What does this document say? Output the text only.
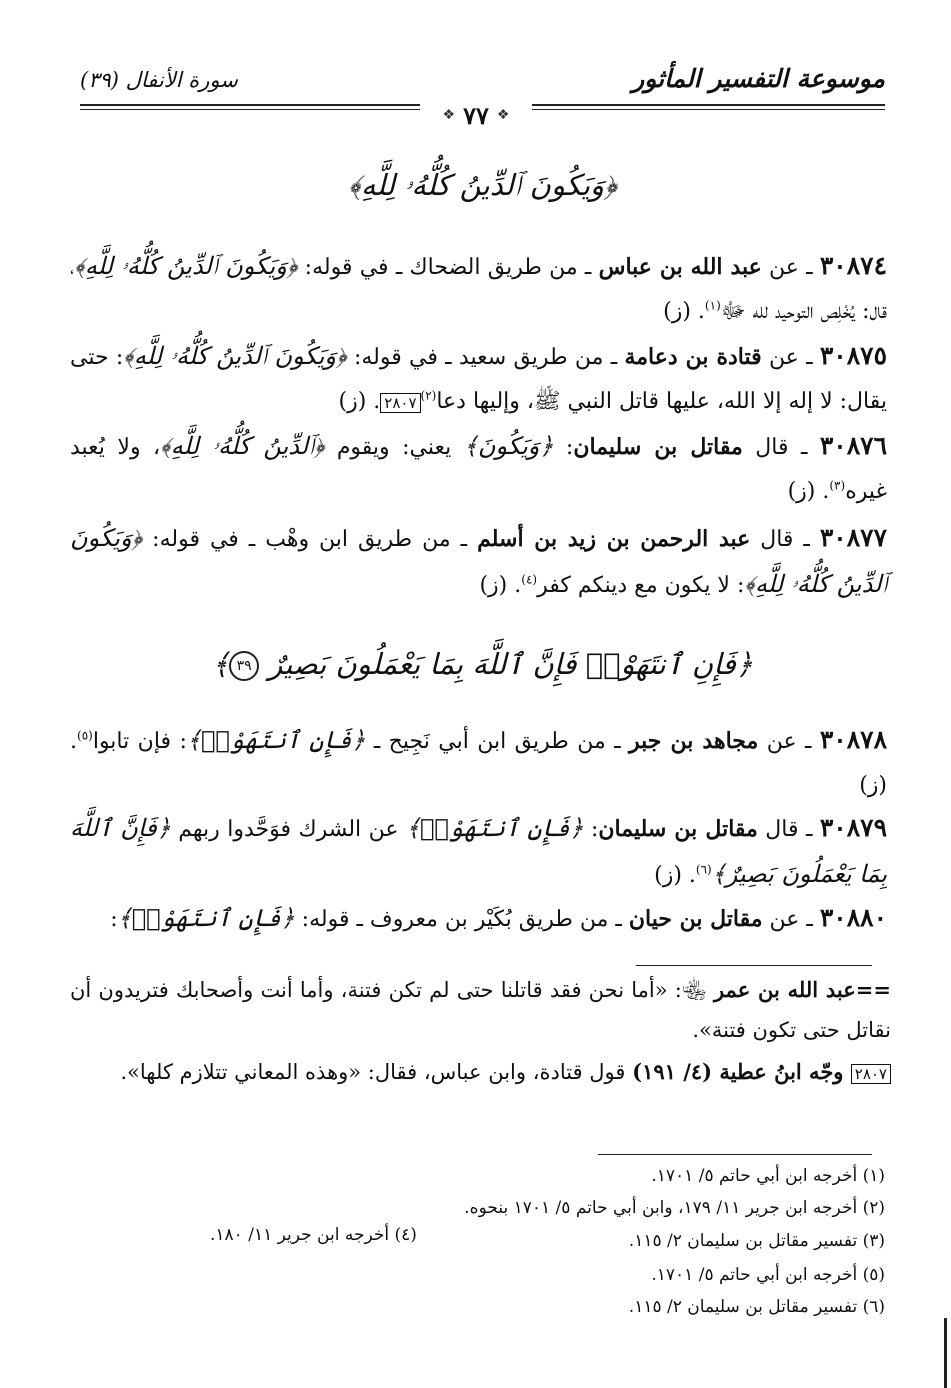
موسوعة التفسير المأثور
سورة الأنفال (٣٩)
❖
٧٧
❖
﴿وَيَكُونَ ٱلدِّينُ كُلُّهُۥ لِلَّهِ﴾
٣٠٨٧٤ ـ عن عبد الله بن عباس ـ من طريق الضحاك ـ في قوله: ﴿وَيَكُونَ ٱلدِّينُ كُلُّهُۥ لِلَّهِ﴾، قال: يُخْلِص التوحيد لله ﷻ$^{(١)}$. (ز)
٣٠٨٧٥ ـ عن قتادة بن دعامة ـ من طريق سعيد ـ في قوله: ﴿وَيَكُونَ ٱلدِّينُ كُلُّهُۥ لِلَّهِ﴾: حتى يقال: لا إله إلا الله، عليها قاتل النبي ﷺ، وإليها دعا$^{(٢)}$٢٨٠٧. (ز)
٣٠٨٧٦ ـ قال مقاتل بن سليمان: ﴿وَيَكُونَ﴾ يعني: ويقوم ﴿ٱلدِّينُ كُلُّهُۥ لِلَّهِ﴾، ولا يُعبد غيره$^{(٣)}$. (ز)
٣٠٨٧٧ ـ قال عبد الرحمن بن زيد بن أسلم ـ من طريق ابن وهْب ـ في قوله: ﴿وَيَكُونَ ٱلدِّينُ كُلُّهُۥ لِلَّهِ﴾: لا يكون مع دينكم كفر$^{(٤)}$. (ز)
﴿فَإِنِ ٱنتَهَوْا۟ فَإِنَّ ٱللَّهَ بِمَا يَعْمَلُونَ بَصِيرٌ ٣٩﴾
٣٠٨٧٨ ـ عن مجاهد بن جبر ـ من طريق ابن أبي نَجِيح ـ ﴿فَإِنِ ٱنتَهَوْا۟﴾: فإن تابوا$^{(٥)}$. (ز)
٣٠٨٧٩ ـ قال مقاتل بن سليمان: ﴿فَإِنِ ٱنتَهَوْا۟﴾ عن الشرك فوَحَّدوا ربهم ﴿فَإِنَّ ٱللَّهَ بِمَا يَعْمَلُونَ بَصِيرٌ﴾$^{(٦)}$. (ز)
٣٠٨٨٠ ـ عن مقاتل بن حيان ـ من طريق بُكَيْر بن معروف ـ قوله: ﴿فَإِنِ ٱنتَهَوْا۟﴾:
==عبد الله بن عمر ﵄: «أما نحن فقد قاتلنا حتى لم تكن فتنة، وأما أنت وأصحابك فتريدون أن نقاتل حتى تكون فتنة».
٢٨٠٧ وجّه ابنُ عطية (٤/ ١٩١) قول قتادة، وابن عباس، فقال: «وهذه المعاني تتلازم كلها».
(١) أخرجه ابن أبي حاتم ٥/ ١٧٠١.
(٢) أخرجه ابن جرير ١١/ ١٧٩، وابن أبي حاتم ٥/ ١٧٠١ بنحوه.
(٣) تفسير مقاتل بن سليمان ٢/ ١١٥.
(٤) أخرجه ابن جرير ١١/ ١٨٠.
(٥) أخرجه ابن أبي حاتم ٥/ ١٧٠١.
(٦) تفسير مقاتل بن سليمان ٢/ ١١٥.
